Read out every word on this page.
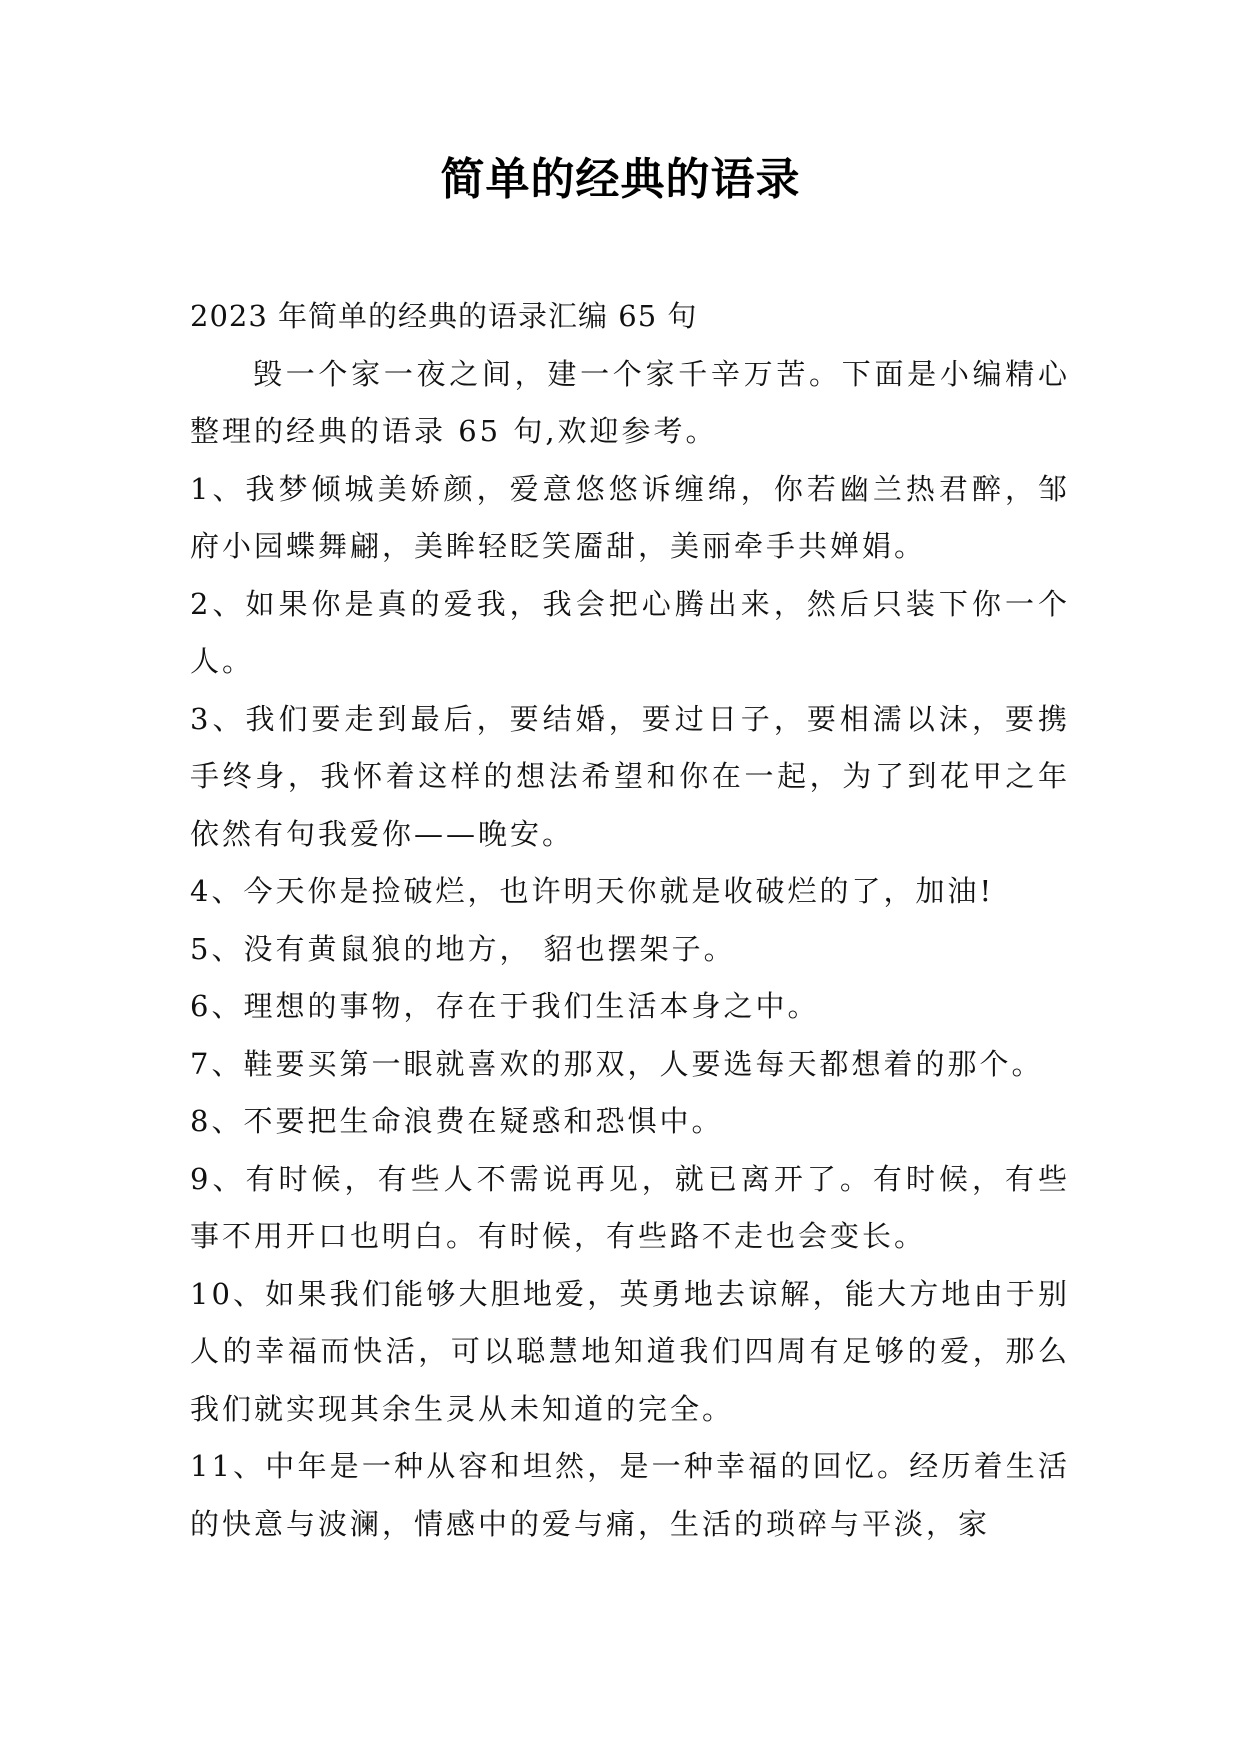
简单的经典的语录

2023 年简单的经典的语录汇编 65 句

毁一个家一夜之间，建一个家千辛万苦。下面是小编精心整理的经典的语录 65 句,欢迎参考。

1、我梦倾城美娇颜，爱意悠悠诉缠绵，你若幽兰热君醉，邹府小园蝶舞翩，美眸轻眨笑靥甜，美丽牵手共婵娟。

2、如果你是真的爱我，我会把心腾出来，然后只装下你一个人。

3、我们要走到最后，要结婚，要过日子，要相濡以沫，要携手终身，我怀着这样的想法希望和你在一起，为了到花甲之年依然有句我爱你——晚安。

4、今天你是捡破烂，也许明天你就是收破烂的了，加油!

5、没有黄鼠狼的地方， 貂也摆架子。

6、理想的事物，存在于我们生活本身之中。

7、鞋要买第一眼就喜欢的那双，人要选每天都想着的那个。

8、不要把生命浪费在疑惑和恐惧中。

9、有时候，有些人不需说再见，就已离开了。有时候，有些事不用开口也明白。有时候，有些路不走也会变长。

10、如果我们能够大胆地爱，英勇地去谅解，能大方地由于别人的幸福而快活，可以聪慧地知道我们四周有足够的爱，那么我们就实现其余生灵从未知道的完全。

11、中年是一种从容和坦然，是一种幸福的回忆。经历着生活的快意与波澜，情感中的爱与痛，生活的琐碎与平淡，家
